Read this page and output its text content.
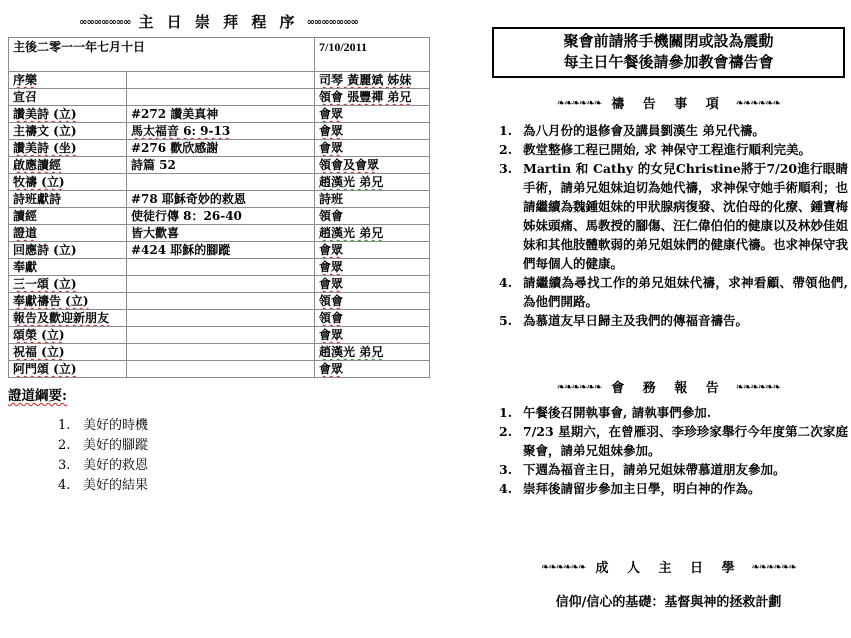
∞∞∞∞∞∞∞ 主 日 崇 拜 程 序 ∞∞∞∞∞∞∞
主後二零一一年七月十日		7/10/2011
序樂		司琴 黃麗斌 姊妹
宣召		領會 張豐禪 弟兄
讚美詩 (立)	#272 讚美真神	會眾
主禱文 (立)	馬太福音 6: 9-13	會眾
讚美詩 (坐)	#276 歡欣感謝	會眾
啟應讀經	詩篇 52	領會及會眾
牧禱 (立)		趙漢光 弟兄
詩班獻詩	#78 耶穌奇妙的救恩	詩班
讀經	使徒行傳 8：26-40	領會
證道	皆大歡喜	趙漢光 弟兄
回應詩 (立)	#424 耶穌的腳蹤	會眾
奉獻		會眾
三一頌 (立)		會眾
奉獻禱告 (立)		領會
報告及歡迎新朋友		領會
頌榮 (立)		會眾
祝福 (立)		趙漢光 弟兄
阿門頌 (立)		會眾
證道綱要:
1. 美好的時機
2. 美好的腳蹤
3. 美好的救恩
4. 美好的結果
聚會前請將手機關閉或設為震動
每主日午餐後請參加教會禱告會
❧❧❧❧❧❧ 禱 告 事 項 ❧❧❧❧❧❧
1. 為八月份的退修會及講員劉漢生 弟兄代禱。
2. 教堂整修工程已開始, 求 神保守工程進行順利完美。
3. Martin 和 Cathy 的女兒Christine將于7/20進行眼睛手術，請弟兄姐妹迫切為她代禱，求神保守她手術順利；也請繼續為魏鍾姐妹的甲狀腺病復發、沈伯母的化療、鍾寶梅姊妹頭痛、馬教授的腳傷、汪仁偉伯伯的健康以及林妙佳姐妹和其他肢體軟弱的弟兄姐妹們的健康代禱。也求神保守我們每個人的健康。
4. 請繼續為尋找工作的弟兄姐妹代禱，求神看顧、帶領他們, 為他們開路。
5. 為慕道友早日歸主及我們的傳福音禱告。
❧❧❧❧❧❧ 會 務 報 告 ❧❧❧❧❧❧
1. 午餐後召開執事會, 請執事們參加.
2. 7/23 星期六，在曾雁羽、李珍珍家舉行今年度第二次家庭聚會，請弟兄姐妹參加。
3. 下週為福音主日，請弟兄姐妹帶慕道朋友參加。
4. 崇拜後請留步參加主日學，明白神的作為。
❧❧❧❧❧❧ 成 人 主 日 學 ❧❧❧❧❧❧
信仰/信心的基礎：基督與神的拯救計劃
